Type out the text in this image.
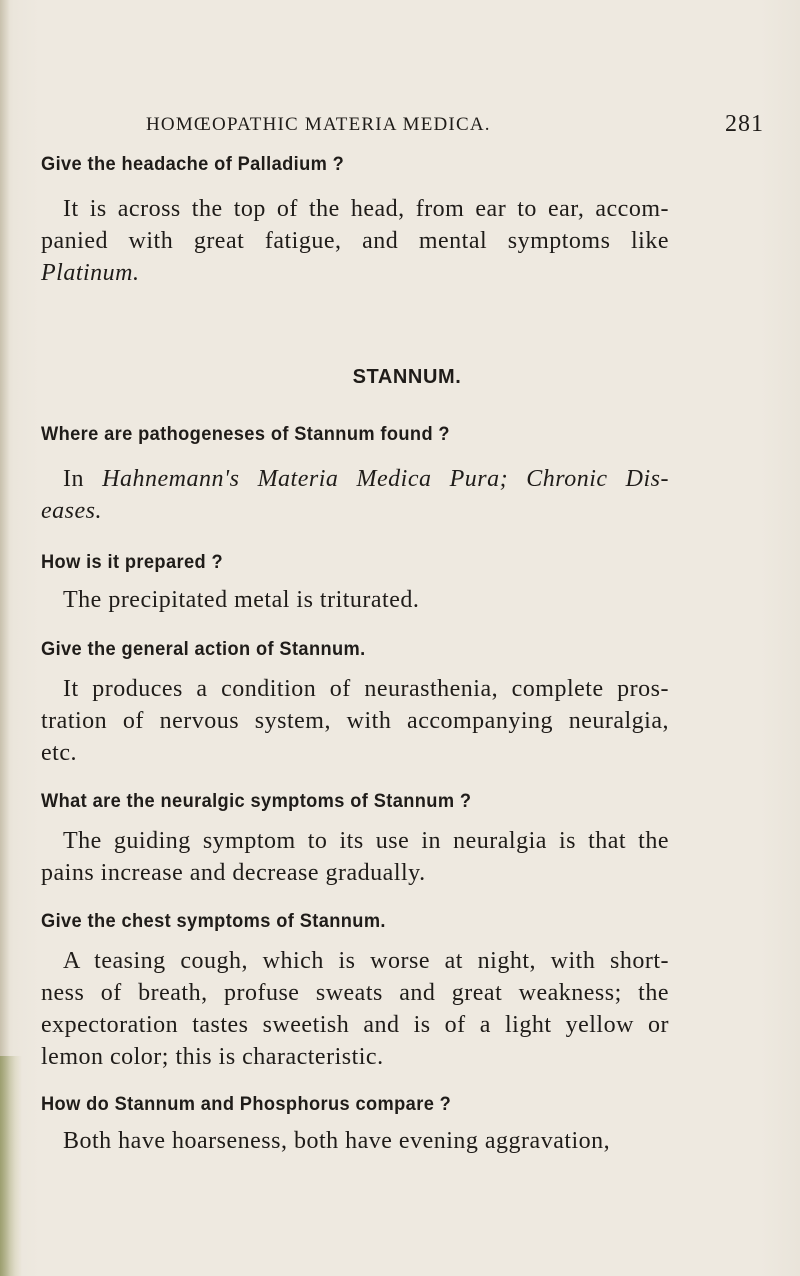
HOMŒOPATHIC MATERIA MEDICA.	281
Give the headache of Palladium ?
It is across the top of the head, from ear to ear, accom-
panied with great fatigue, and mental symptoms like
Platinum.
STANNUM.
Where are pathogeneses of Stannum found ?
In Hahnemann's Materia Medica Pura; Chronic Dis-
eases.
How is it prepared ?
The precipitated metal is triturated.
Give the general action of Stannum.
It produces a condition of neurasthenia, complete pros-
tration of nervous system, with accompanying neuralgia,
etc.
What are the neuralgic symptoms of Stannum ?
The guiding symptom to its use in neuralgia is that the
pains increase and decrease gradually.
Give the chest symptoms of Stannum.
A teasing cough, which is worse at night, with short-
ness of breath, profuse sweats and great weakness; the
expectoration tastes sweetish and is of a light yellow or
lemon color; this is characteristic.
How do Stannum and Phosphorus compare ?
Both have hoarseness, both have evening aggravation,
